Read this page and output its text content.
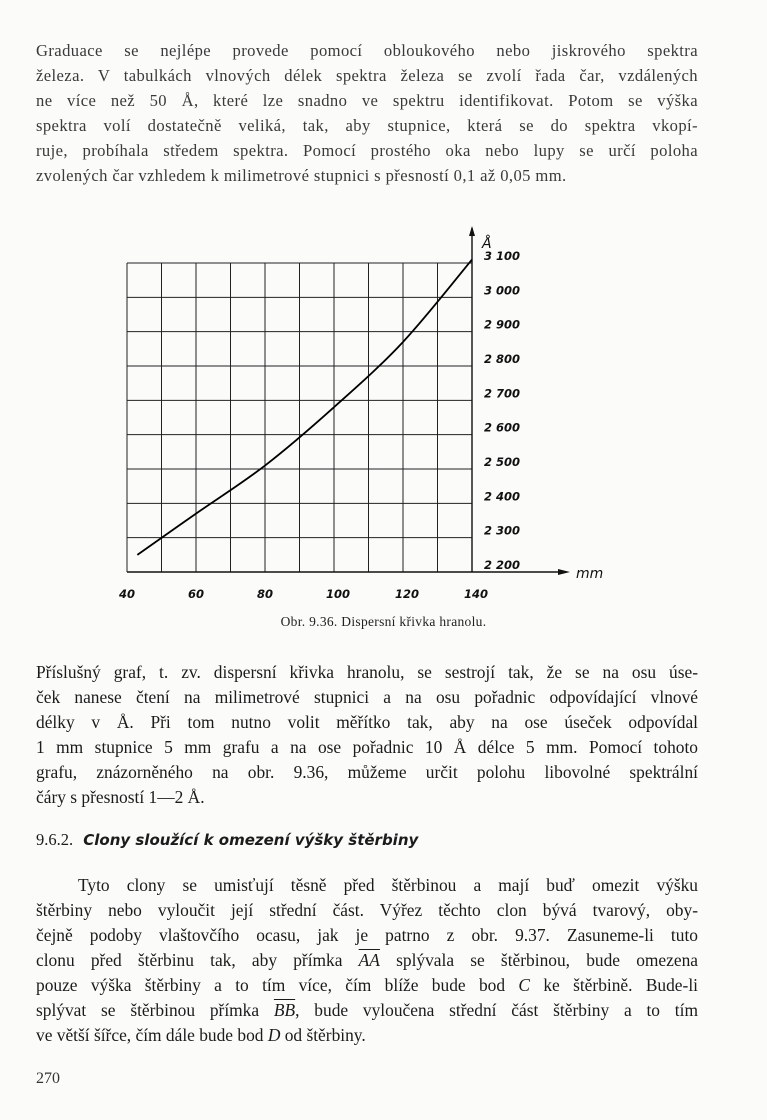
Graduace se nejlépe provede pomocí obloukového nebo jiskrového spektra
železa. V tabulkách vlnových délek spektra železa se zvolí řada čar, vzdálených
ne více než 50 Å, které lze snadno ve spektru identifikovat. Potom se výška
spektra volí dostatečně veliká, tak, aby stupnice, která se do spektra vkopí-
ruje, probíhala středem spektra. Pomocí prostého oka nebo lupy se určí poloha
zvolených čar vzhledem k milimetrové stupnici s přesností 0,1 až 0,05 mm.
2 200
2 300
2 400
2 500
2 600
2 700
2 800
2 900
3 000
3 100
40	60	80	100	120	140
Å
mm
Obr. 9.36. Dispersní křivka hranolu.
Příslušný graf, t. zv. dispersní křivka hranolu, se sestrojí tak, že se na osu úse-
ček nanese čtení na milimetrové stupnici a na osu pořadnic odpovídající vlnové
délky v Å. Při tom nutno volit měřítko tak, aby na ose úseček odpovídal
1 mm stupnice 5 mm grafu a na ose pořadnic 10 Å délce 5 mm. Pomocí tohoto
grafu, znázorněného na obr. 9.36, můžeme určit polohu libovolné spektrální
čáry s přesností 1—2 Å.
9.6.2. Clony sloužící k omezení výšky štěrbiny
Tyto clony se umisťují těsně před štěrbinou a mají buď omezit výšku
štěrbiny nebo vyloučit její střední část. Výřez těchto clon bývá tvarový, oby-
čejně podoby vlaštovčího ocasu, jak je patrno z obr. 9.37. Zasuneme-li tuto
clonu před štěrbinu tak, aby přímka $\overline{AA}$ splývala se štěrbinou, bude omezena
pouze výška štěrbiny a to tím více, čím blíže bude bod C ke štěrbině. Bude-li
splývat se štěrbinou přímka $\overline{BB}$, bude vyloučena střední část štěrbiny a to tím
ve větší šířce, čím dále bude bod D od štěrbiny.
270
